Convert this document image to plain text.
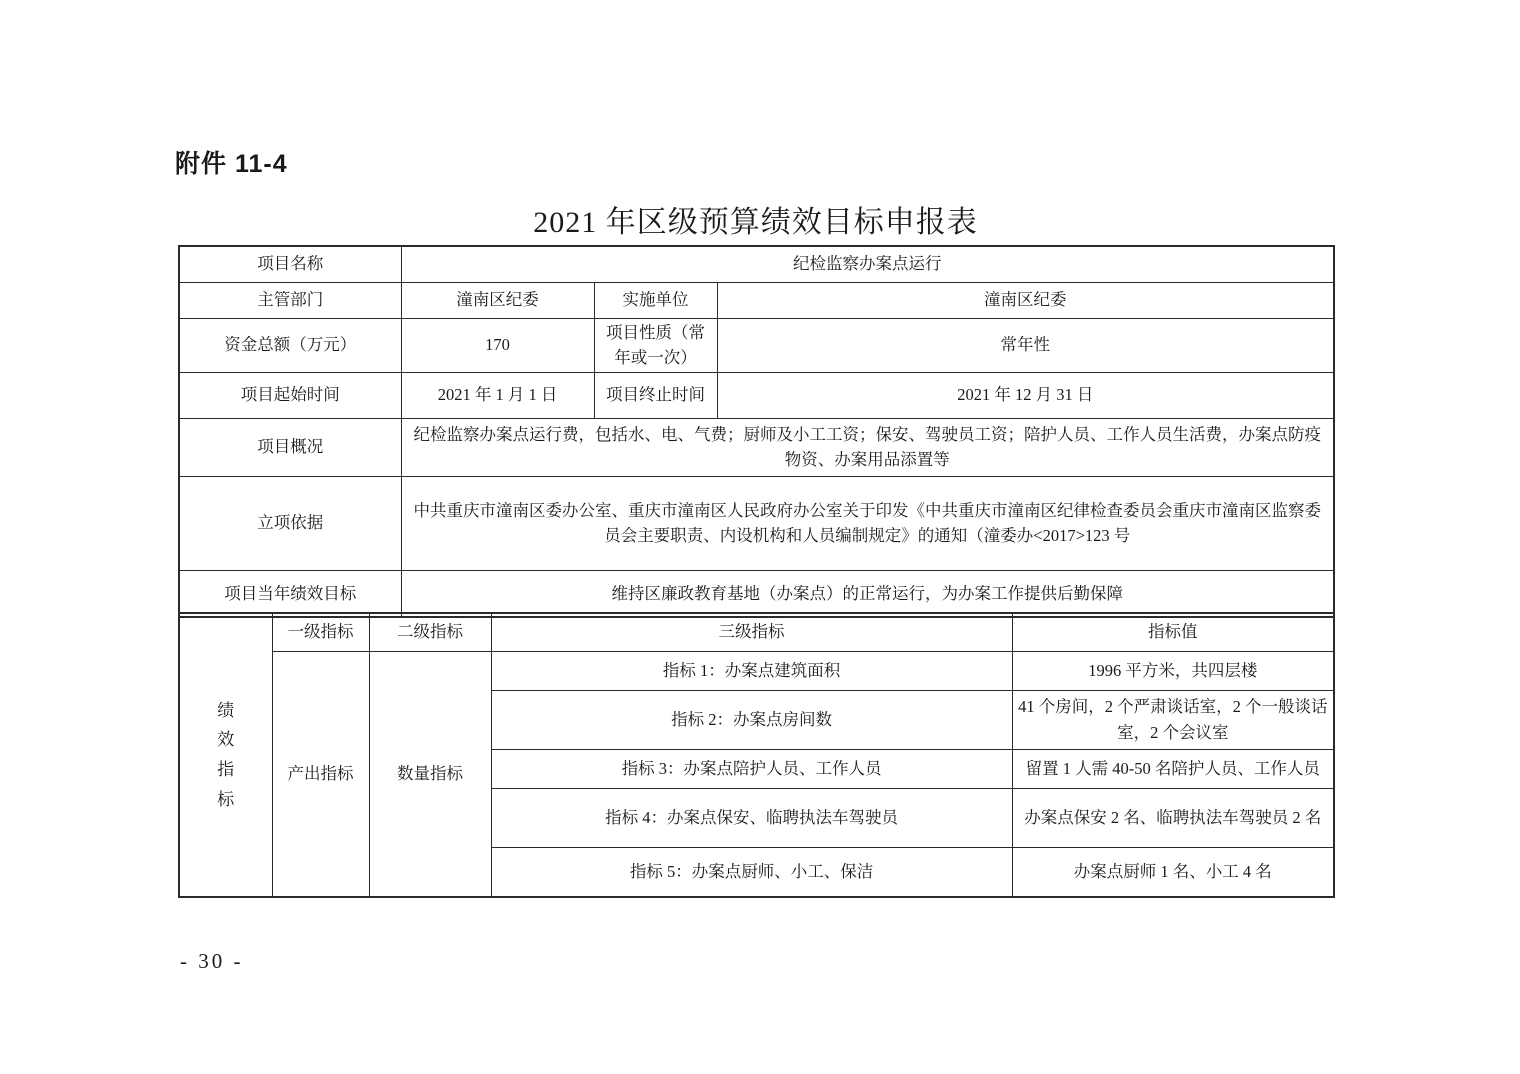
附件 11-4
2021 年区级预算绩效目标申报表
项目名称	纪检监察办案点运行		
主管部门	潼南区纪委	实施单位	潼南区纪委
资金总额（万元）	170	项目性质（常年或一次）	常年性
项目起始时间	2021 年 1 月 1 日	项目终止时间	2021 年 12 月 31 日
项目概况	纪检监察办案点运行费，包括水、电、气费；厨师及小工工资；保安、驾驶员工资；陪护人员、工作人员生活费，办案点防疫物资、办案用品添置等		
立项依据	中共重庆市潼南区委办公室、重庆市潼南区人民政府办公室关于印发《中共重庆市潼南区纪律检查委员会重庆市潼南区监察委员会主要职责、内设机构和人员编制规定》的通知（潼委办<2017>123 号		
项目当年绩效目标	维持区廉政教育基地（办案点）的正常运行，为办案工作提供后勤保障		
绩效指标	一级指标	二级指标	三级指标	指标值
	产出指标	数量指标	指标 1：办案点建筑面积	1996 平方米，共四层楼
			指标 2：办案点房间数	41 个房间，2 个严肃谈话室，2 个一般谈话室，2 个会议室
			指标 3：办案点陪护人员、工作人员	留置 1 人需 40-50 名陪护人员、工作人员
			指标 4：办案点保安、临聘执法车驾驶员	办案点保安 2 名、临聘执法车驾驶员 2 名
			指标 5：办案点厨师、小工、保洁	办案点厨师 1 名、小工 4 名
- 30 -
